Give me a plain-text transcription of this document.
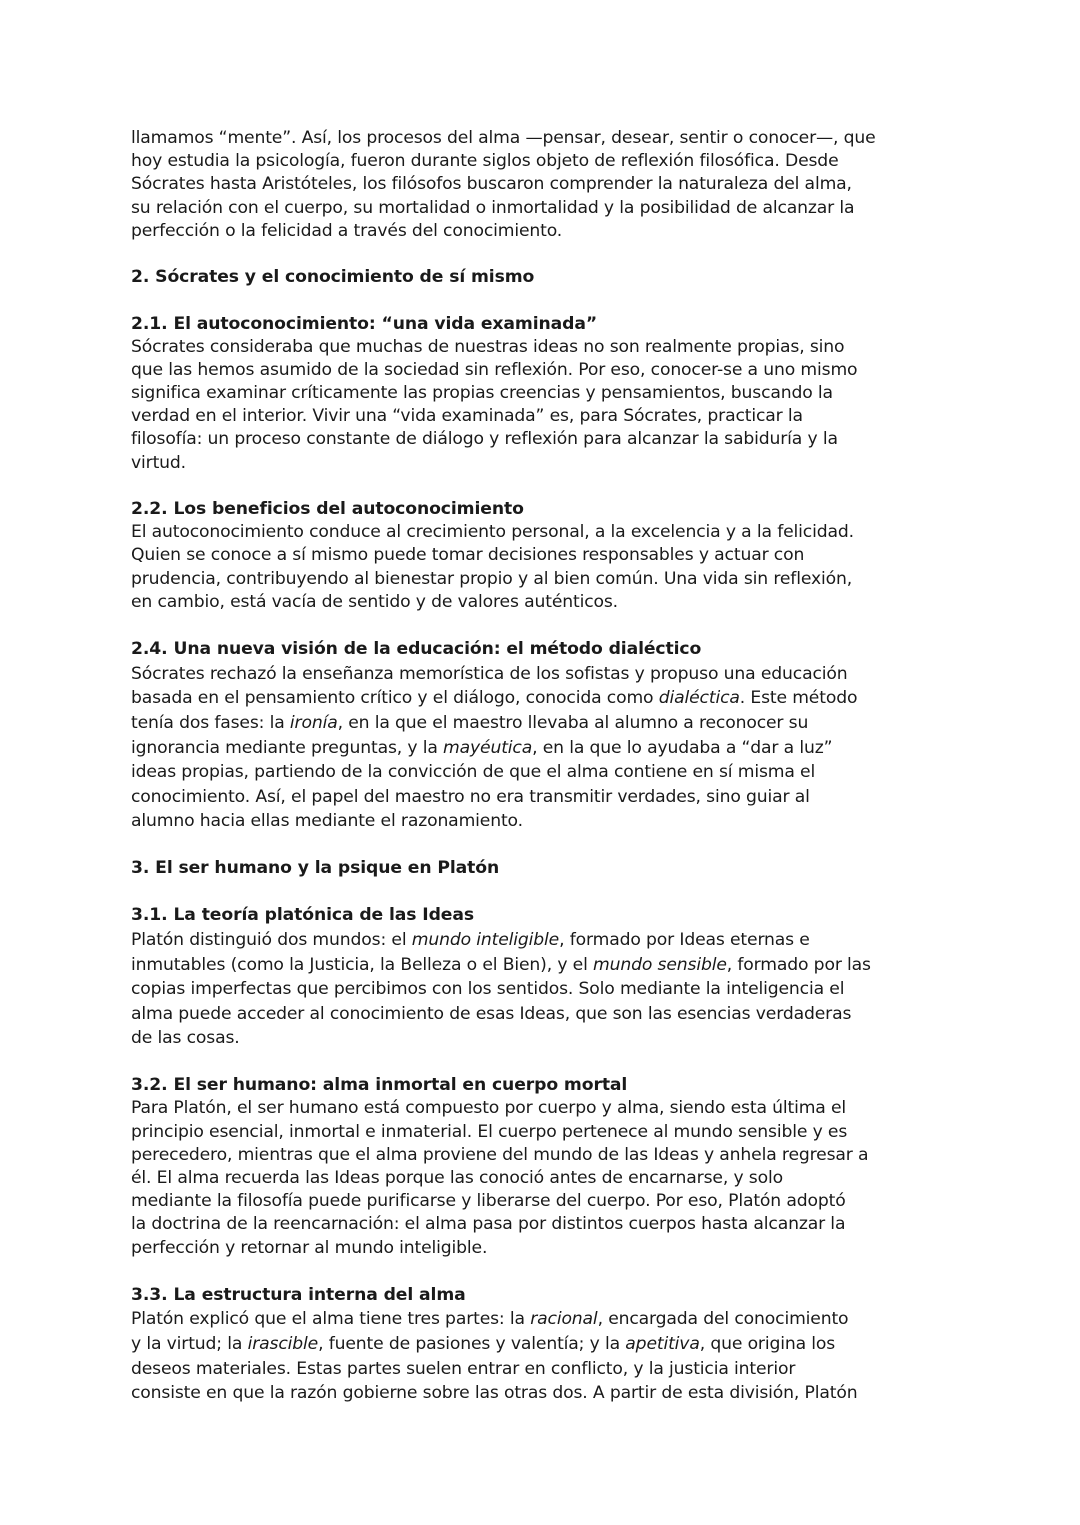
llamamos “mente”. Así, los procesos del alma —pensar, desear, sentir o conocer—, que
hoy estudia la psicología, fueron durante siglos objeto de reflexión filosófica. Desde
Sócrates hasta Aristóteles, los filósofos buscaron comprender la naturaleza del alma,
su relación con el cuerpo, su mortalidad o inmortalidad y la posibilidad de alcanzar la
perfección o la felicidad a través del conocimiento.
2. Sócrates y el conocimiento de sí mismo
2.1. El autoconocimiento: “una vida examinada”
Sócrates consideraba que muchas de nuestras ideas no son realmente propias, sino
que las hemos asumido de la sociedad sin reflexión. Por eso, conocer-se a uno mismo
significa examinar críticamente las propias creencias y pensamientos, buscando la
verdad en el interior. Vivir una “vida examinada” es, para Sócrates, practicar la
filosofía: un proceso constante de diálogo y reflexión para alcanzar la sabiduría y la
virtud.
2.2. Los beneficios del autoconocimiento
El autoconocimiento conduce al crecimiento personal, a la excelencia y a la felicidad.
Quien se conoce a sí mismo puede tomar decisiones responsables y actuar con
prudencia, contribuyendo al bienestar propio y al bien común. Una vida sin reflexión,
en cambio, está vacía de sentido y de valores auténticos.
2.4. Una nueva visión de la educación: el método dialéctico
Sócrates rechazó la enseñanza memorística de los sofistas y propuso una educación
basada en el pensamiento crítico y el diálogo, conocida como dialéctica. Este método
tenía dos fases: la ironía, en la que el maestro llevaba al alumno a reconocer su
ignorancia mediante preguntas, y la mayéutica, en la que lo ayudaba a “dar a luz”
ideas propias, partiendo de la convicción de que el alma contiene en sí misma el
conocimiento. Así, el papel del maestro no era transmitir verdades, sino guiar al
alumno hacia ellas mediante el razonamiento.
3. El ser humano y la psique en Platón
3.1. La teoría platónica de las Ideas
Platón distinguió dos mundos: el mundo inteligible, formado por Ideas eternas e
inmutables (como la Justicia, la Belleza o el Bien), y el mundo sensible, formado por las
copias imperfectas que percibimos con los sentidos. Solo mediante la inteligencia el
alma puede acceder al conocimiento de esas Ideas, que son las esencias verdaderas
de las cosas.
3.2. El ser humano: alma inmortal en cuerpo mortal
Para Platón, el ser humano está compuesto por cuerpo y alma, siendo esta última el
principio esencial, inmortal e inmaterial. El cuerpo pertenece al mundo sensible y es
perecedero, mientras que el alma proviene del mundo de las Ideas y anhela regresar a
él. El alma recuerda las Ideas porque las conoció antes de encarnarse, y solo
mediante la filosofía puede purificarse y liberarse del cuerpo. Por eso, Platón adoptó
la doctrina de la reencarnación: el alma pasa por distintos cuerpos hasta alcanzar la
perfección y retornar al mundo inteligible.
3.3. La estructura interna del alma
Platón explicó que el alma tiene tres partes: la racional, encargada del conocimiento
y la virtud; la irascible, fuente de pasiones y valentía; y la apetitiva, que origina los
deseos materiales. Estas partes suelen entrar en conflicto, y la justicia interior
consiste en que la razón gobierne sobre las otras dos. A partir de esta división, Platón
